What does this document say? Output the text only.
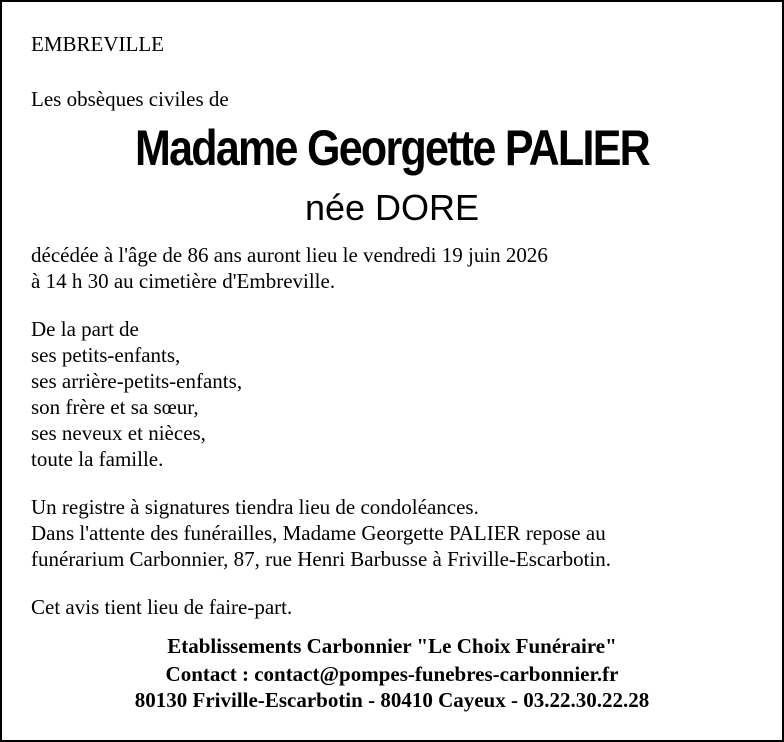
EMBREVILLE
Les obsèques civiles de
Madame Georgette PALIER
née DORE
décédée à l'âge de 86 ans auront lieu le vendredi 19 juin 2026
à 14 h 30 au cimetière d'Embreville.
De la part de
ses petits-enfants,
ses arrière-petits-enfants,
son frère et sa sœur,
ses neveux et nièces,
toute la famille.
Un registre à signatures tiendra lieu de condoléances.
Dans l'attente des funérailles, Madame Georgette PALIER repose au
funérarium Carbonnier, 87, rue Henri Barbusse à Friville-Escarbotin.
Cet avis tient lieu de faire-part.
Etablissements Carbonnier "Le Choix Funéraire"
Contact : contact@pompes-funebres-carbonnier.fr
80130 Friville-Escarbotin - 80410 Cayeux - 03.22.30.22.28
